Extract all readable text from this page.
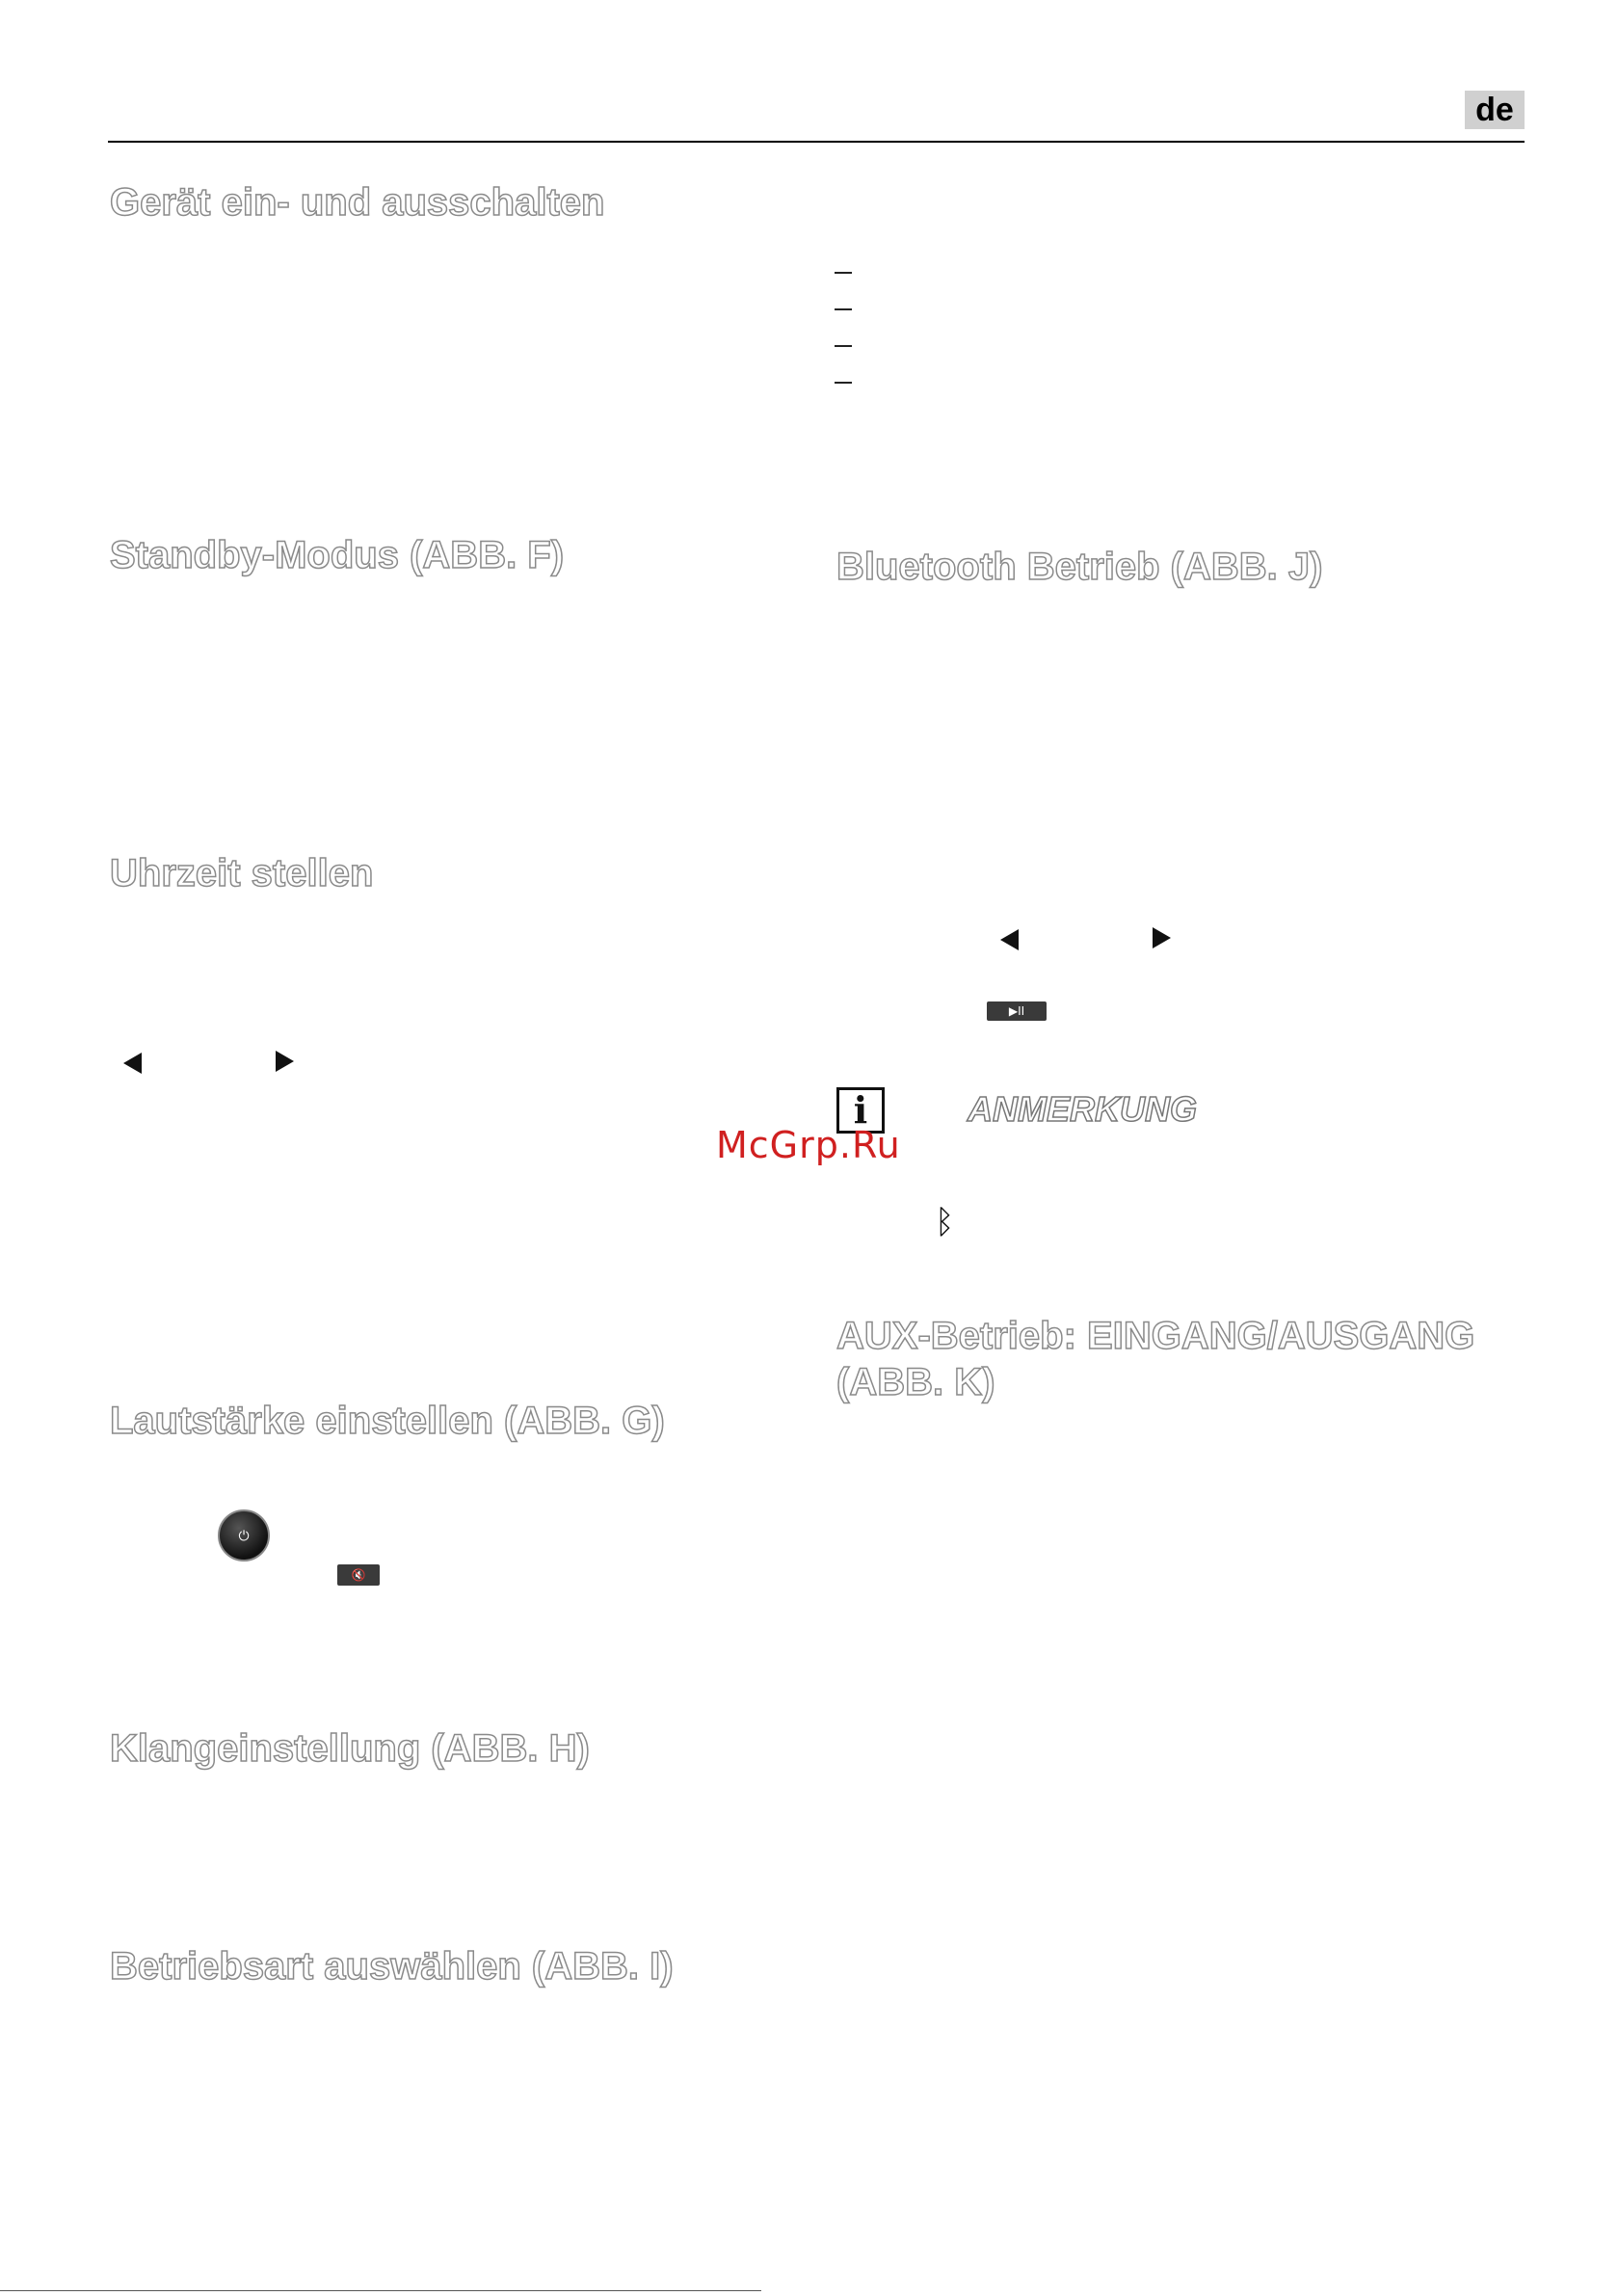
de
Gerät ein- und ausschalten
Standby-Modus (ABB. F)
Uhrzeit stellen
Lautstärke einstellen (ABB. G)
Klangeinstellung (ABB. H)
Betriebsart auswählen (ABB. I)
⏻
🔇
Bluetooth Betrieb (ABB. J)
AUX-Betrieb: EINGANG/AUSGANG
(ABB. K)
▶II
i	ANMERKUNG
McGrp.Ru
ᛒ
